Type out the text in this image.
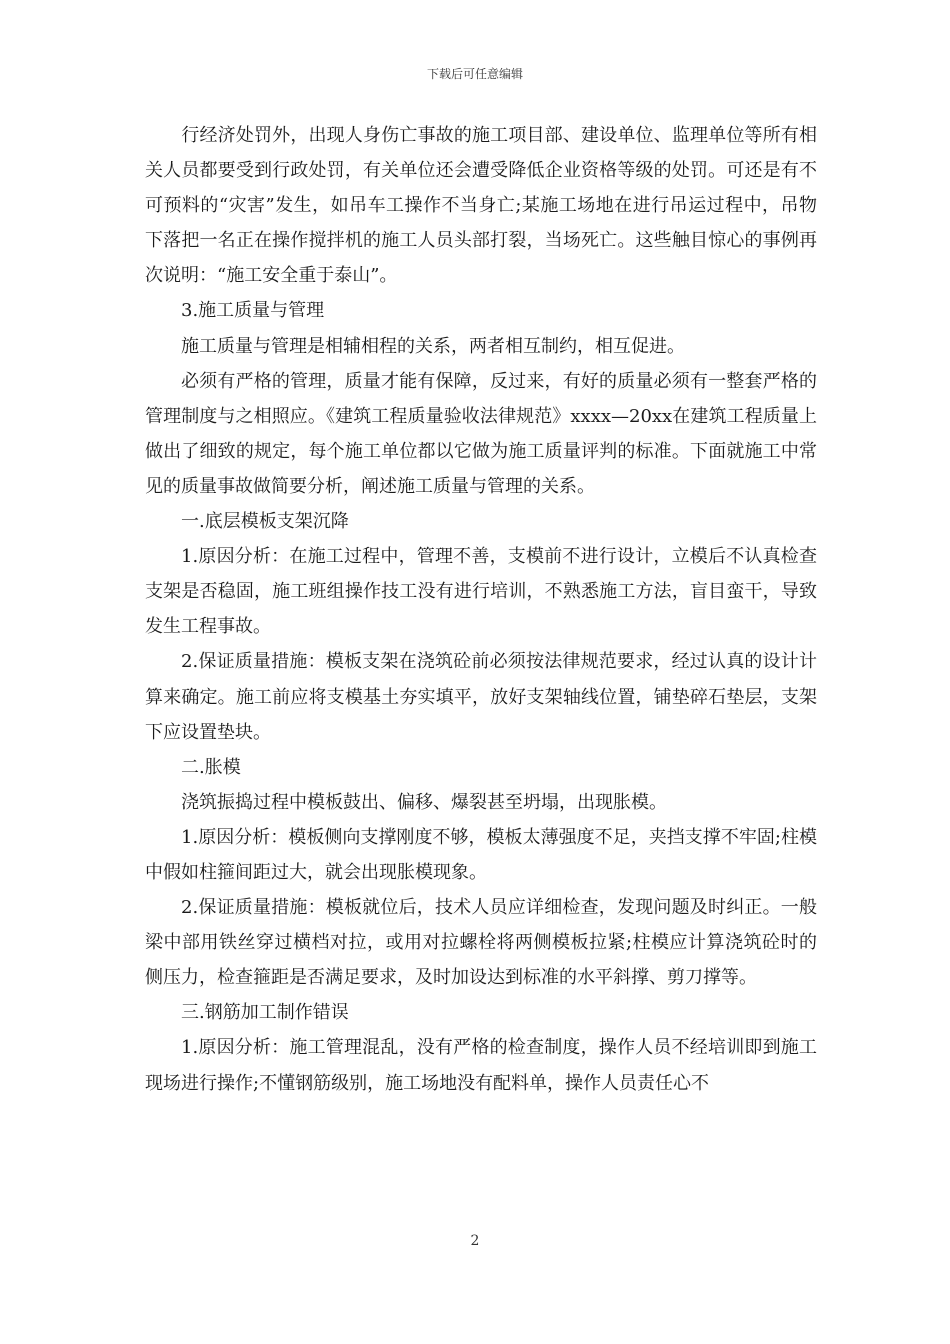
下载后可任意编辑

　　行经济处罚外，出现人身伤亡事故的施工项目部、建设单位、监理单位等所有相关人员都要受到行政处罚，有关单位还会遭受降低企业资格等级的处罚。可还是有不可预料的“灾害”发生，如吊车工操作不当身亡;某施工场地在进行吊运过程中，吊物下落把一名正在操作搅拌机的施工人员头部打裂，当场死亡。这些触目惊心的事例再次说明：“施工安全重于泰山”。

3.施工质量与管理

施工质量与管理是相辅相程的关系，两者相互制约，相互促进。

必须有严格的管理，质量才能有保障，反过来，有好的质量必须有一整套严格的管理制度与之相照应。《建筑工程质量验收法律规范》xxxx—20xx在建筑工程质量上做出了细致的规定，每个施工单位都以它做为施工质量评判的标准。下面就施工中常见的质量事故做简要分析，阐述施工质量与管理的关系。

一.底层模板支架沉降

1.原因分析：在施工过程中，管理不善，支模前不进行设计，立模后不认真检查支架是否稳固，施工班组操作技工没有进行培训，不熟悉施工方法，盲目蛮干，导致发生工程事故。

2.保证质量措施：模板支架在浇筑砼前必须按法律规范要求，经过认真的设计计算来确定。施工前应将支模基土夯实填平，放好支架轴线位置，铺垫碎石垫层，支架下应设置垫块。

二.胀模

浇筑振捣过程中模板鼓出、偏移、爆裂甚至坍塌，出现胀模。

1.原因分析：模板侧向支撑刚度不够，模板太薄强度不足，夹挡支撑不牢固;柱模中假如柱箍间距过大，就会出现胀模现象。

2.保证质量措施：模板就位后，技术人员应详细检查，发现问题及时纠正。一般梁中部用铁丝穿过横档对拉，或用对拉螺栓将两侧模板拉紧;柱模应计算浇筑砼时的侧压力，检查箍距是否满足要求，及时加设达到标准的水平斜撑、剪刀撑等。

三.钢筋加工制作错误

1.原因分析：施工管理混乱，没有严格的检查制度，操作人员不经培训即到施工现场进行操作;不懂钢筋级别，施工场地没有配料单，操作人员责任心不

2
